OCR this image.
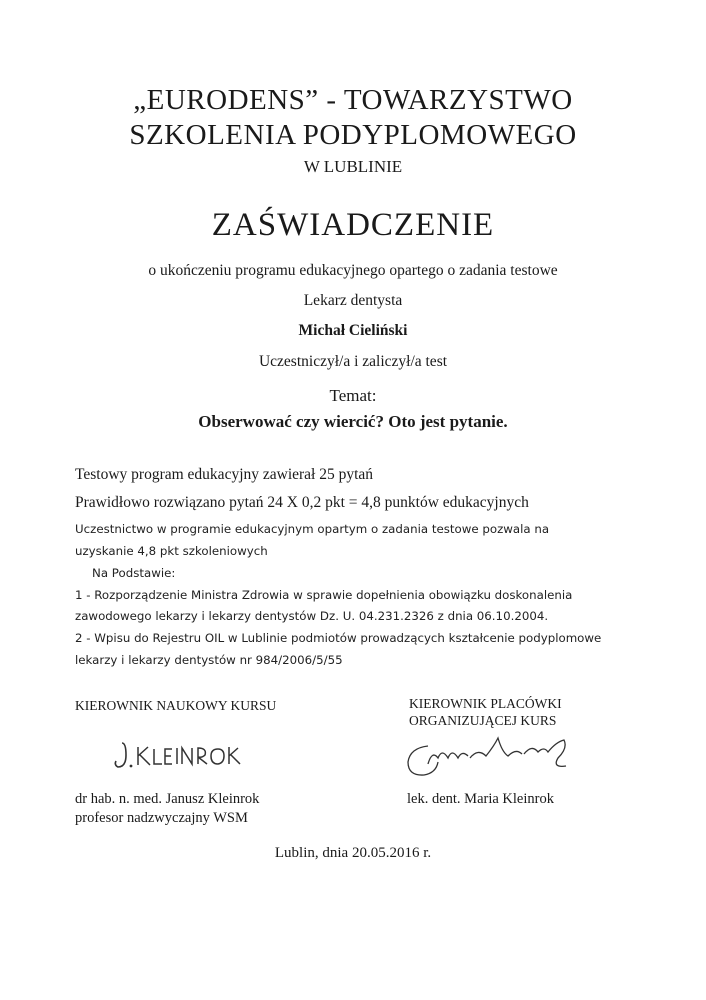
„EURODENS” - TOWARZYSTWO
SZKOLENIA PODYPLOMOWEGO
W LUBLINIE
ZAŚWIADCZENIE
o ukończeniu programu edukacyjnego opartego o zadania testowe
Lekarz dentysta
Michał Cieliński
Uczestniczył/a i zaliczył/a test
Temat:
Obserwować czy wiercić? Oto jest pytanie.
Testowy program edukacyjny zawierał 25 pytań
Prawidłowo rozwiązano pytań 24 X 0,2 pkt = 4,8 punktów edukacyjnych
Uczestnictwo w programie edukacyjnym opartym o zadania testowe pozwala na
uzyskanie 4,8 pkt szkoleniowych
Na Podstawie:
1 - Rozporządzenie Ministra Zdrowia w sprawie dopełnienia obowiązku doskonalenia
zawodowego lekarzy i lekarzy dentystów Dz. U. 04.231.2326 z dnia 06.10.2004.
2 - Wpisu do Rejestru OIL w Lublinie podmiotów prowadzących kształcenie podyplomowe
lekarzy i lekarzy dentystów nr 984/2006/5/55
KIEROWNIK NAUKOWY KURSU	KIEROWNIK PLACÓWKI
ORGANIZUJĄCEJ KURS
dr hab. n. med. Janusz Kleinrok
profesor nadzwyczajny WSM
lek. dent. Maria Kleinrok
Lublin, dnia 20.05.2016 r.
